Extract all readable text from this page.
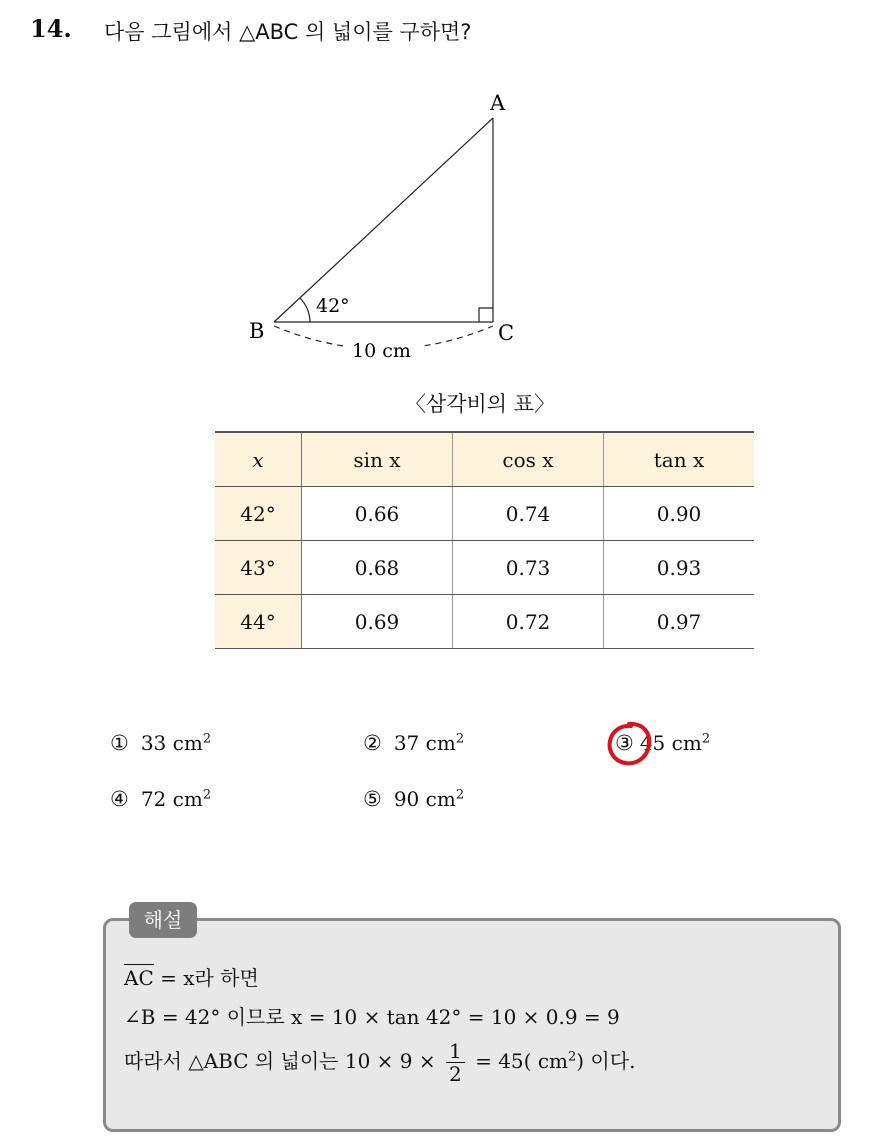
14. 다음 그림에서 △ABC 의 넓이를 구하면?
A
B	C
42°
10 cm
〈삼각비의 표〉
x	sin x	cos x	tan x
42°	0.66	0.74	0.90
43°	0.68	0.73	0.93
44°	0.69	0.72	0.97
① 33 $cm^2$	② 37 $cm^2$	③ 45 $cm^2$
④ 72 $cm^2$	⑤ 90 $cm^2$
해설
AC = x라 하면
∠B = 42° 이므로 x = 10 × tan 42° = 10 × 0.9 = 9
따라서 △ABC 의 넓이는 $10 \times 9 \times \frac{1}{2} = 45$( $cm^2$) 이다.
